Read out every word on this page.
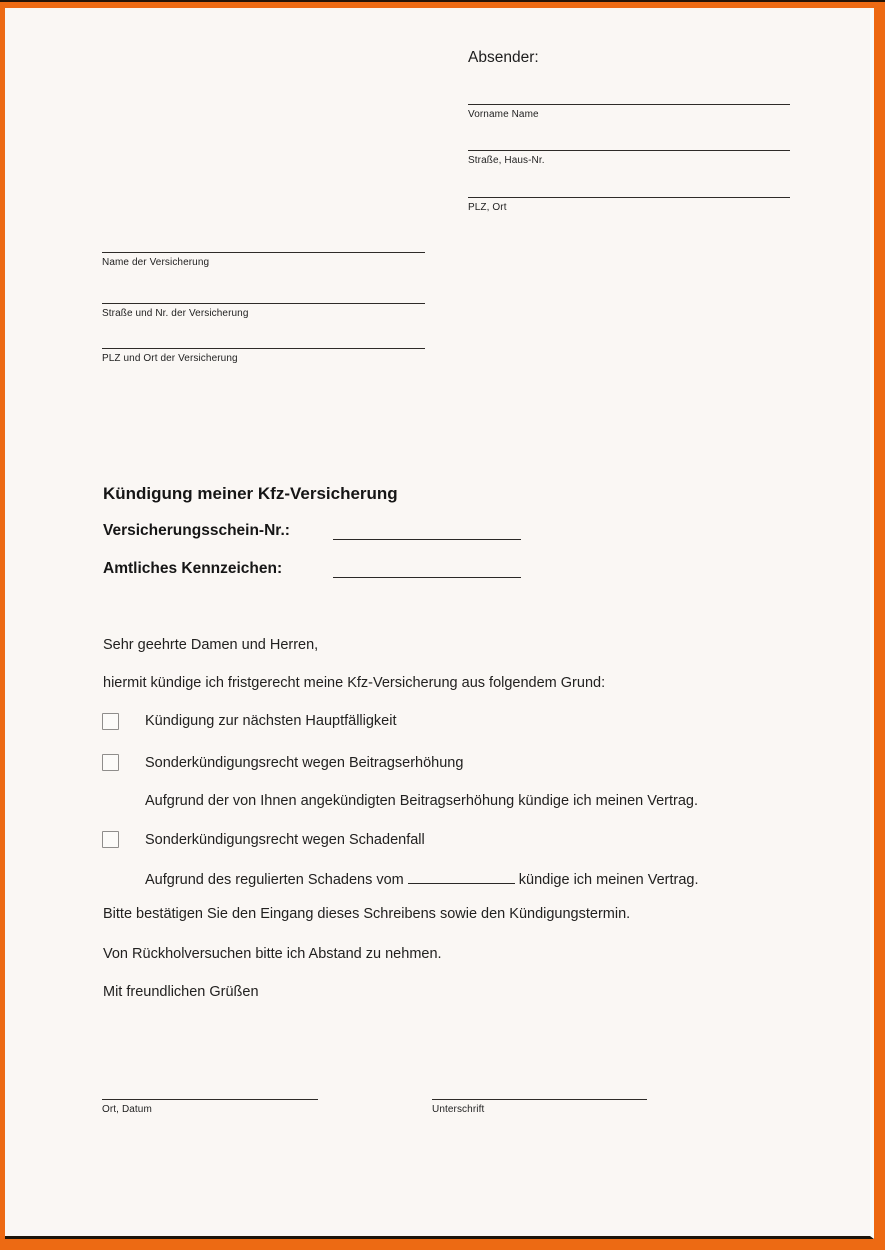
Absender:
Vorname Name
Straße, Haus-Nr.
PLZ, Ort
Name der Versicherung
Straße und Nr. der Versicherung
PLZ und Ort der Versicherung
Kündigung meiner Kfz-Versicherung
Versicherungsschein-Nr.:
Amtliches Kennzeichen:
Sehr geehrte Damen und Herren,
hiermit kündige ich fristgerecht meine Kfz-Versicherung aus folgendem Grund:
Kündigung zur nächsten Hauptfälligkeit
Sonderkündigungsrecht wegen Beitragserhöhung
Aufgrund der von Ihnen angekündigten Beitragserhöhung kündige ich meinen Vertrag.
Sonderkündigungsrecht wegen Schadenfall
Aufgrund des regulierten Schadens vom	kündige ich meinen Vertrag.
Bitte bestätigen Sie den Eingang dieses Schreibens sowie den Kündigungstermin.
Von Rückholversuchen bitte ich Abstand zu nehmen.
Mit freundlichen Grüßen
Ort, Datum	Unterschrift
